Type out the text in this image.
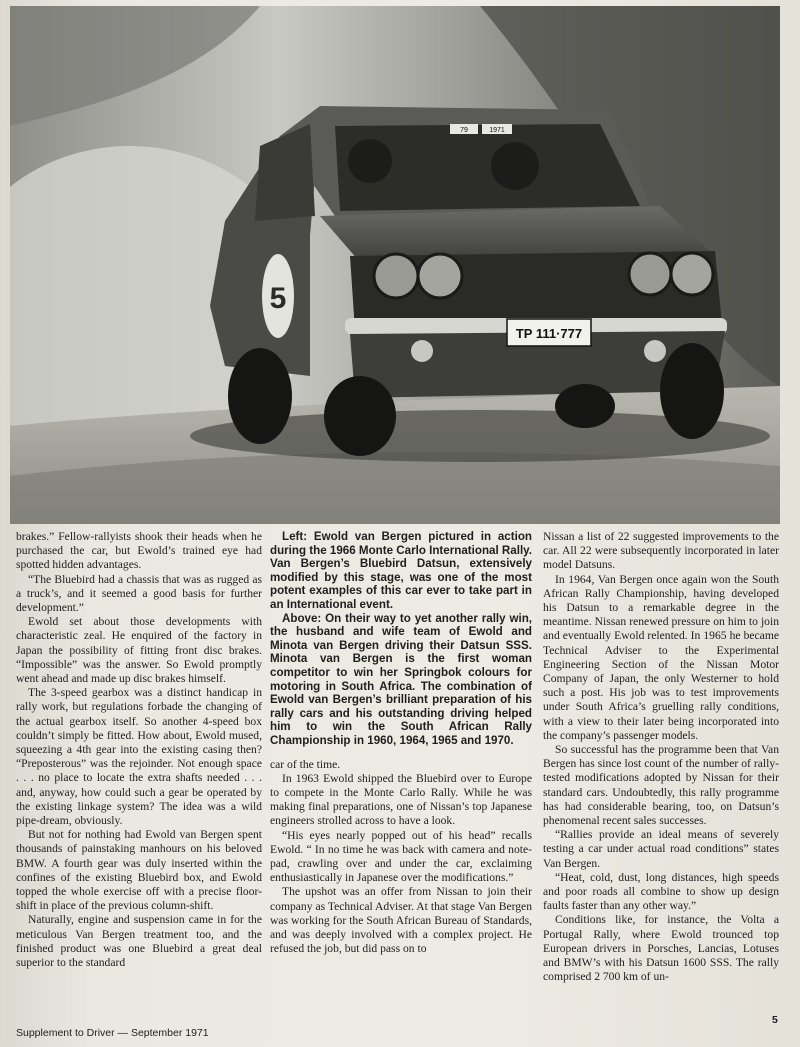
TP 111·777
5
79	1971

brakes.” Fellow-rallyists shook their heads when he purchased the car, but Ewold’s trained eye had spotted hidden advantages.

“The Bluebird had a chassis that was as rugged as a truck’s, and it seemed a good basis for further development.”

Ewold set about those developments with characteristic zeal. He enquired of the factory in Japan the possibility of fitting front disc brakes. “Impossible” was the answer. So Ewold promptly went ahead and made up disc brakes himself.

The 3-speed gearbox was a distinct handicap in rally work, but regulations forbade the changing of the actual gearbox itself. So another 4-speed box couldn’t simply be fitted. How about, Ewold mused, squeezing a 4th gear into the existing casing then? “Preposterous” was the rejoinder. Not enough space . . . no place to locate the extra shafts needed . . . and, anyway, how could such a gear be operated by the existing linkage system? The idea was a wild pipe-dream, obviously.

But not for nothing had Ewold van Bergen spent thousands of painstaking manhours on his beloved BMW. A fourth gear was duly inserted within the confines of the existing Bluebird box, and Ewold topped the whole exercise off with a precise floor-shift in place of the previous column-shift.

Naturally, engine and suspension came in for the meticulous Van Bergen treatment too, and the finished product was one Bluebird a great deal superior to the standard

Left: Ewold van Bergen pictured in action during the 1966 Monte Carlo International Rally. Van Bergen’s Bluebird Datsun, extensively modified by this stage, was one of the most potent examples of this car ever to take part in an International event.

Above: On their way to yet another rally win, the husband and wife team of Ewold and Minota van Bergen driving their Datsun SSS. Minota van Bergen is the first woman competitor to win her Springbok colours for motoring in South Africa. The combination of Ewold van Bergen’s brilliant preparation of his rally cars and his outstanding driving helped him to win the South African Rally Championship in 1960, 1964, 1965 and 1970.

car of the time.

In 1963 Ewold shipped the Bluebird over to Europe to compete in the Monte Carlo Rally. While he was making final preparations, one of Nissan’s top Japanese engineers strolled across to have a look.

“His eyes nearly popped out of his head” recalls Ewold. “ In no time he was back with camera and note-pad, crawling over and under the car, exclaiming enthusiastically in Japanese over the modifications.”

The upshot was an offer from Nissan to join their company as Technical Adviser. At that stage Van Bergen was working for the South African Bureau of Standards, and was deeply involved with a complex project. He refused the job, but did pass on to

Nissan a list of 22 suggested improvements to the car. All 22 were subsequently incorporated in later model Datsuns.

In 1964, Van Bergen once again won the South African Rally Championship, having developed his Datsun to a remarkable degree in the meantime. Nissan renewed pressure on him to join and eventually Ewold relented. In 1965 he became Technical Adviser to the Experimental Engineering Section of the Nissan Motor Company of Japan, the only Westerner to hold such a post. His job was to test improvements under South Africa’s gruelling rally conditions, with a view to their later being incorporated into the company’s passenger models.

So successful has the programme been that Van Bergen has since lost count of the number of rally-tested modifications adopted by Nissan for their standard cars. Undoubtedly, this rally programme has had considerable bearing, too, on Datsun’s phenomenal recent sales successes.

“Rallies provide an ideal means of severely testing a car under actual road conditions” states Van Bergen.

“Heat, cold, dust, long distances, high speeds and poor roads all combine to show up design faults faster than any other way.”

Conditions like, for instance, the Volta a Portugal Rally, where Ewold trounced top European drivers in Porsches, Lancias, Lotuses and BMW’s with his Datsun 1600 SSS. The rally comprised 2 700 km of un-

Supplement to Driver — September 1971
5
